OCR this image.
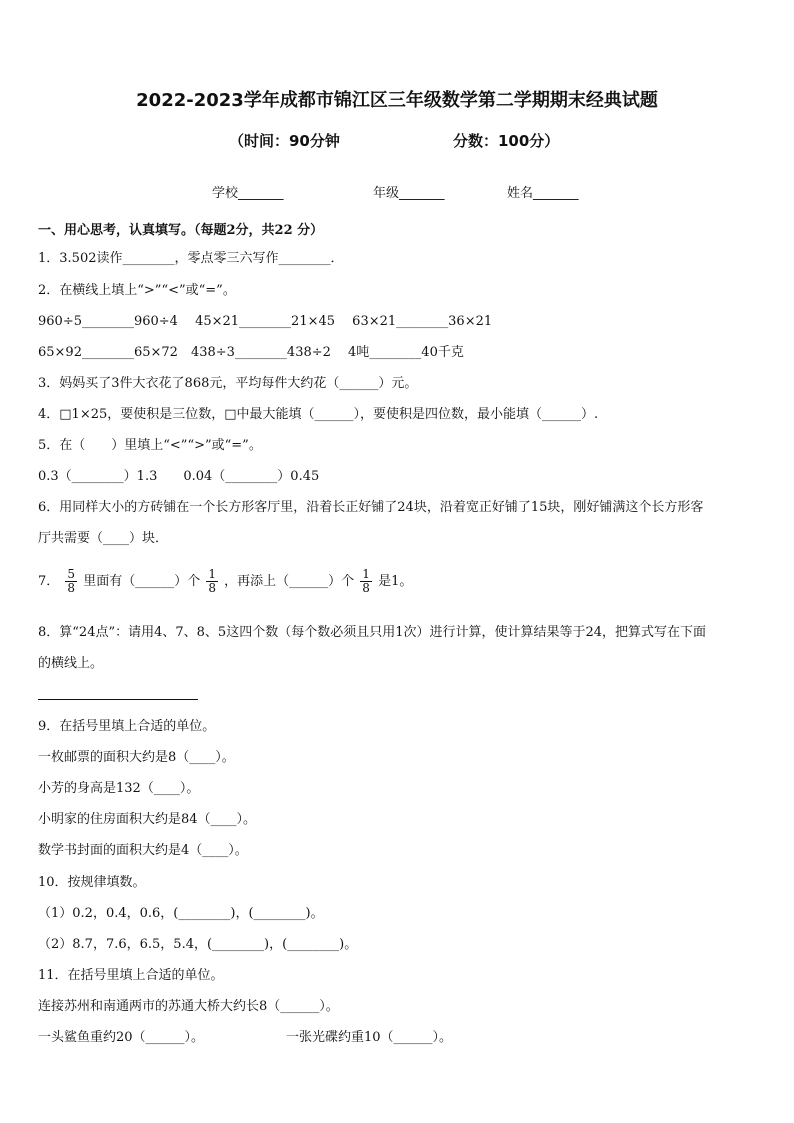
2022-2023学年成都市锦江区三年级数学第二学期期末经典试题
（时间：90分钟	分数：100分）
学校_______	年级_______	姓名_______
一、用心思考，认真填写。（每题2分，共22 分）
1．3.502读作________，零点零三六写作________．
2．在横线上填上“>”“<”或“=”。
960÷5________960÷4　 45×21________21×45　 63×21________36×21
65×92________65×72　438÷3________438÷2　 4吨________40千克
3．妈妈买了3件大衣花了868元，平均每件大约花（______）元。
4．□1×25，要使积是三位数，□中最大能填（______），要使积是四位数，最小能填（______）.
5．在（　　）里填上“<”“>”或“=”。
0.3（________）1.3　　0.04（________）0.45
6．用同样大小的方砖铺在一个长方形客厅里，沿着长正好铺了24块，沿着宽正好铺了15块，刚好铺满这个长方形客
厅共需要（____）块．
7． $\frac{5}{8}$ 里面有（______）个 $\frac{1}{8}$ ，再添上（______）个 $\frac{1}{8}$ 是1。
8．算“24点”：请用4、7、8、5这四个数（每个数必须且只用1次）进行计算，使计算结果等于24，把算式写在下面
的横线上。
9．在括号里填上合适的单位。
一枚邮票的面积大约是8（____）。
小芳的身高是132（____）。
小明家的住房面积大约是84（____）。
数学书封面的面积大约是4（____）。
10．按规律填数。
（1）0.2，0.4，0.6，(________)，(________)。
（2）8.7，7.6，6.5，5.4，(________)，(________)。
11．在括号里填上合适的单位。
连接苏州和南通两市的苏通大桥大约长8（______）。
一头鲨鱼重约20（______）。	一张光碟约重10（______）。
